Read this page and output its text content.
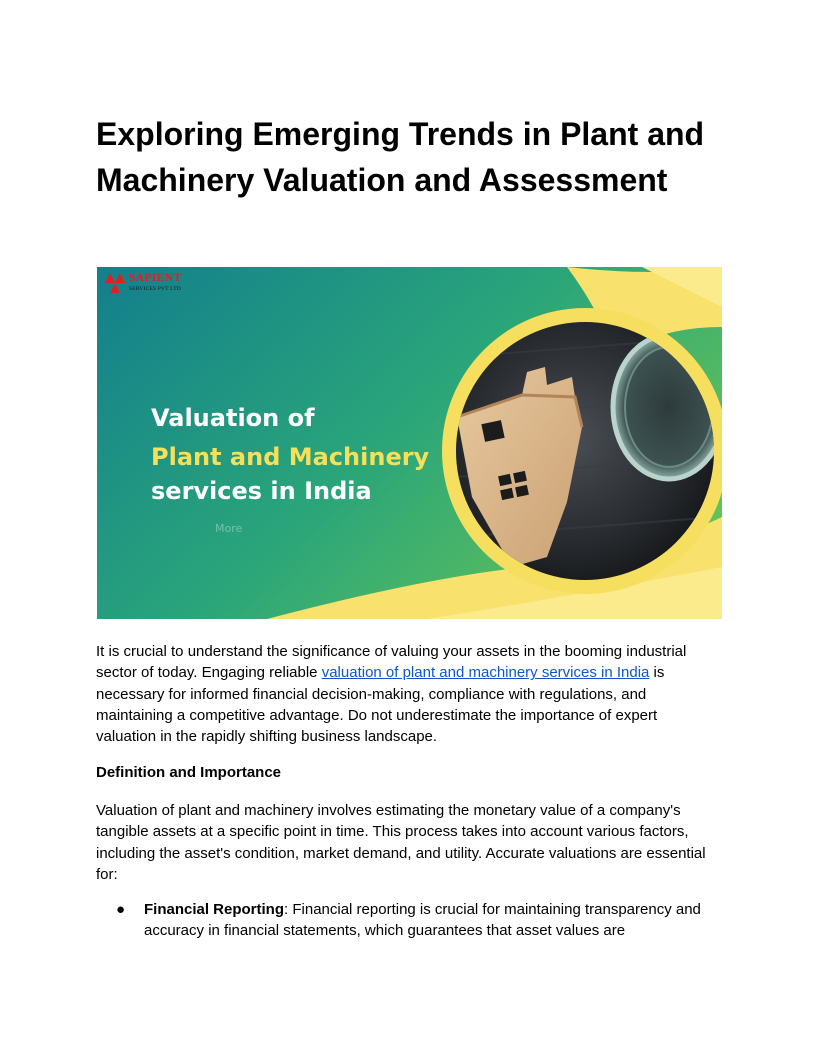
Exploring Emerging Trends in Plant and Machinery Valuation and Assessment
SAPIENT
SERVICES PVT LTD
Valuation of
Plant and Machinery
services in India
More

It is crucial to understand the significance of valuing your assets in the booming industrial sector of today. Engaging reliable valuation of plant and machinery services in India is necessary for informed financial decision-making, compliance with regulations, and maintaining a competitive advantage. Do not underestimate the importance of expert valuation in the rapidly shifting business landscape.

Definition and Importance

Valuation of plant and machinery involves estimating the monetary value of a company's tangible assets at a specific point in time. This process takes into account various factors, including the asset's condition, market demand, and utility. Accurate valuations are essential for:

● Financial Reporting: Financial reporting is crucial for maintaining transparency and accuracy in financial statements, which guarantees that asset values are
